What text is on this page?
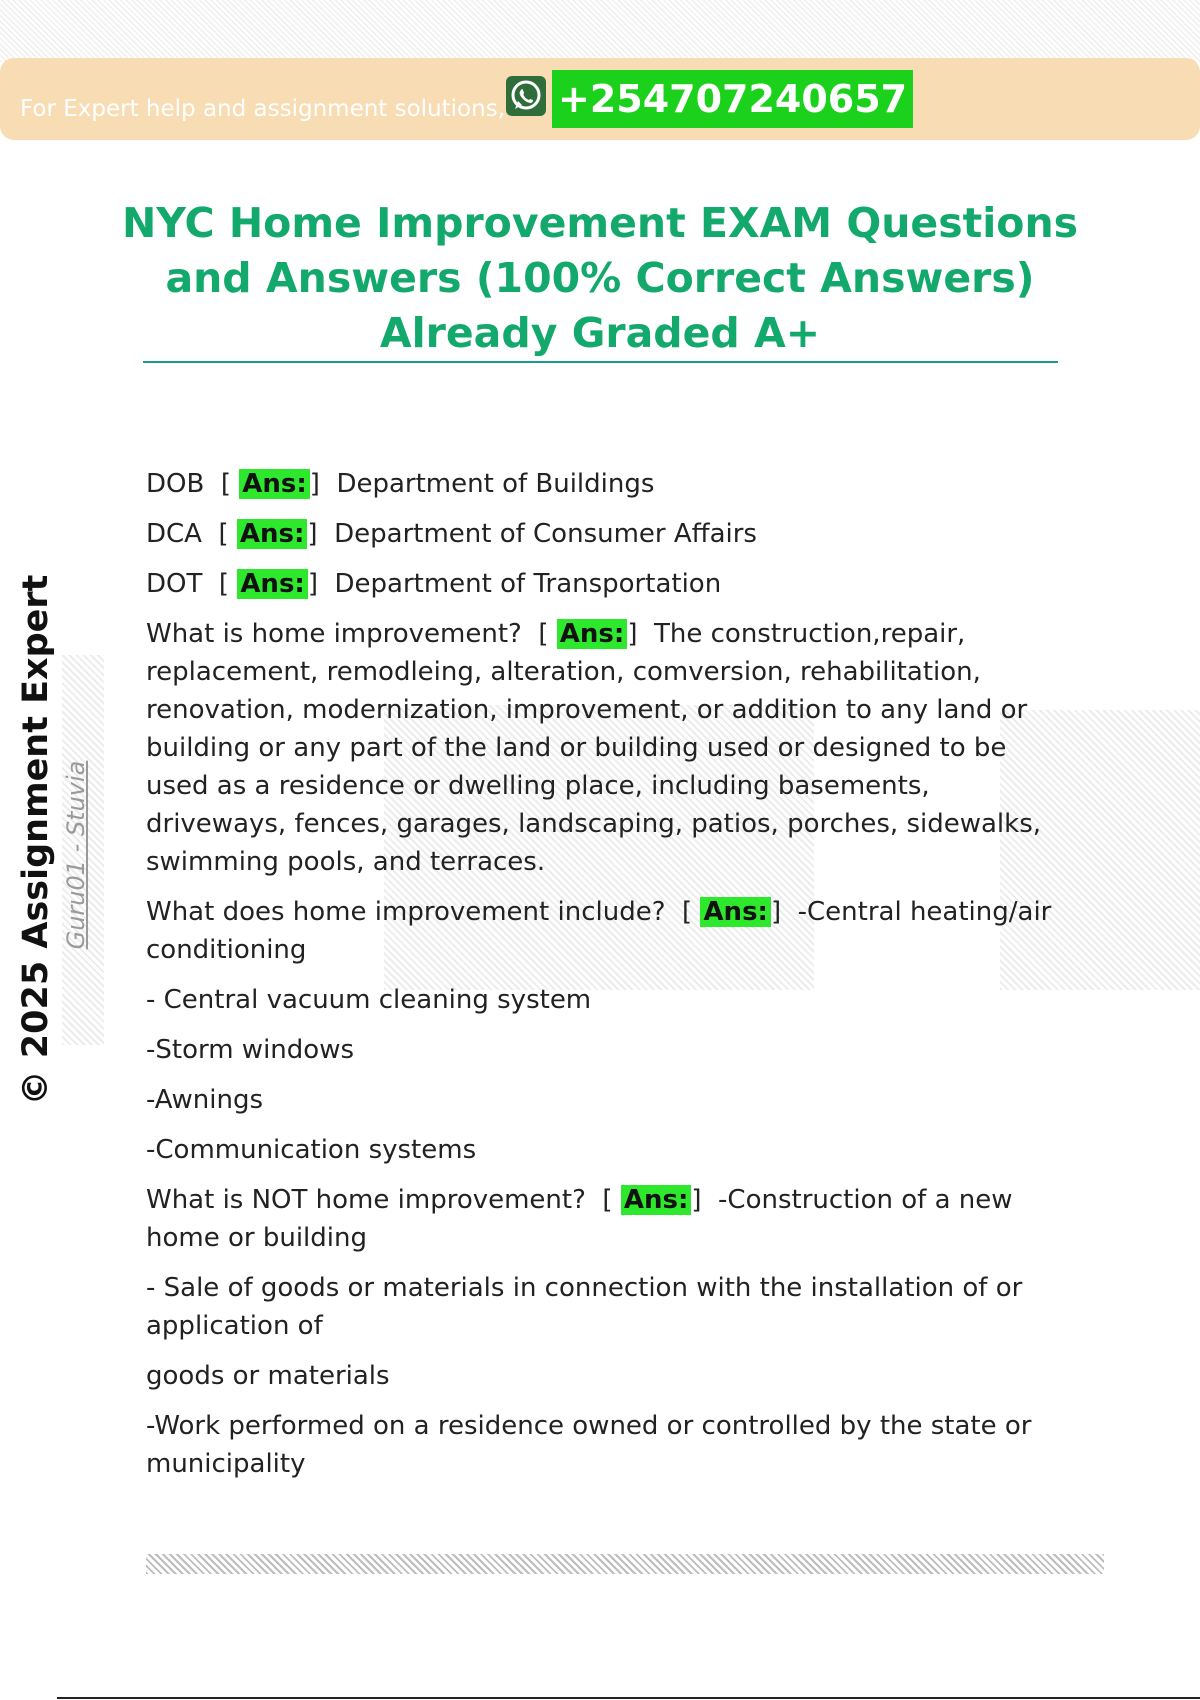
For Expert help and assignment solutions, +254707240657
NYC Home Improvement EXAM Questions
and Answers (100% Correct Answers)
Already Graded A+
© 2025 Assignment Expert Guru01 - Stuvia

DOB  [ Ans: ]  Department of Buildings

DCA  [ Ans: ]  Department of Consumer Affairs

DOT  [ Ans: ]  Department of Transportation

What is home improvement?  [ Ans: ]  The construction,repair, replacement, remodleing, alteration, comversion, rehabilitation, renovation, modernization, improvement, or addition to any land or building or any part of the land or building used or designed to be used as a residence or dwelling place, including basements, driveways, fences, garages, landscaping, patios, porches, sidewalks, swimming pools, and terraces.

What does home improvement include?  [ Ans: ]  -Central heating/air conditioning

- Central vacuum cleaning system

-Storm windows

-Awnings

-Communication systems

What is NOT home improvement?  [ Ans: ]  -Construction of a new home or building

- Sale of goods or materials in connection with the installation of or application of

goods or materials

-Work performed on a residence owned or controlled by the state or municipality
